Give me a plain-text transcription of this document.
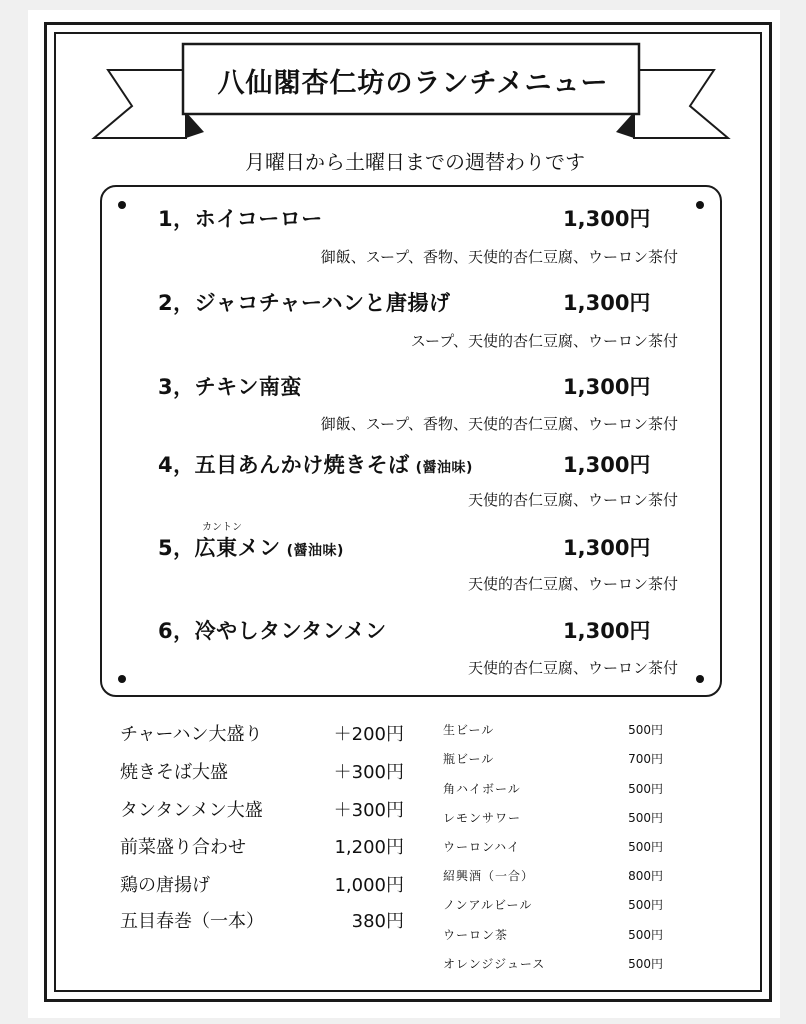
八仙閣杏仁坊のランチメニュー
月曜日から土曜日までの週替わりです
1，ホイコーロー	1,300円
御飯、スープ、香物、天使的杏仁豆腐、ウーロン茶付
2，ジャコチャーハンと唐揚げ	1,300円
スープ、天使的杏仁豆腐、ウーロン茶付
3，チキン南蛮	1,300円
御飯、スープ、香物、天使的杏仁豆腐、ウーロン茶付
4，五目あんかけ焼きそば (醤油味)	1,300円
天使的杏仁豆腐、ウーロン茶付
カントン
5，広東メン (醤油味)	1,300円
天使的杏仁豆腐、ウーロン茶付
6，冷やしタンタンメン	1,300円
天使的杏仁豆腐、ウーロン茶付
チャーハン大盛り	＋200円
焼きそば大盛	＋300円
タンタンメン大盛	＋300円
前菜盛り合わせ	1,200円
鶏の唐揚げ	1,000円
五目春巻（一本）	380円
生ビール	500円
瓶ビール	700円
角ハイボール	500円
レモンサワー	500円
ウーロンハイ	500円
紹興酒（一合）	800円
ノンアルビール	500円
ウーロン茶	500円
オレンジジュース	500円
